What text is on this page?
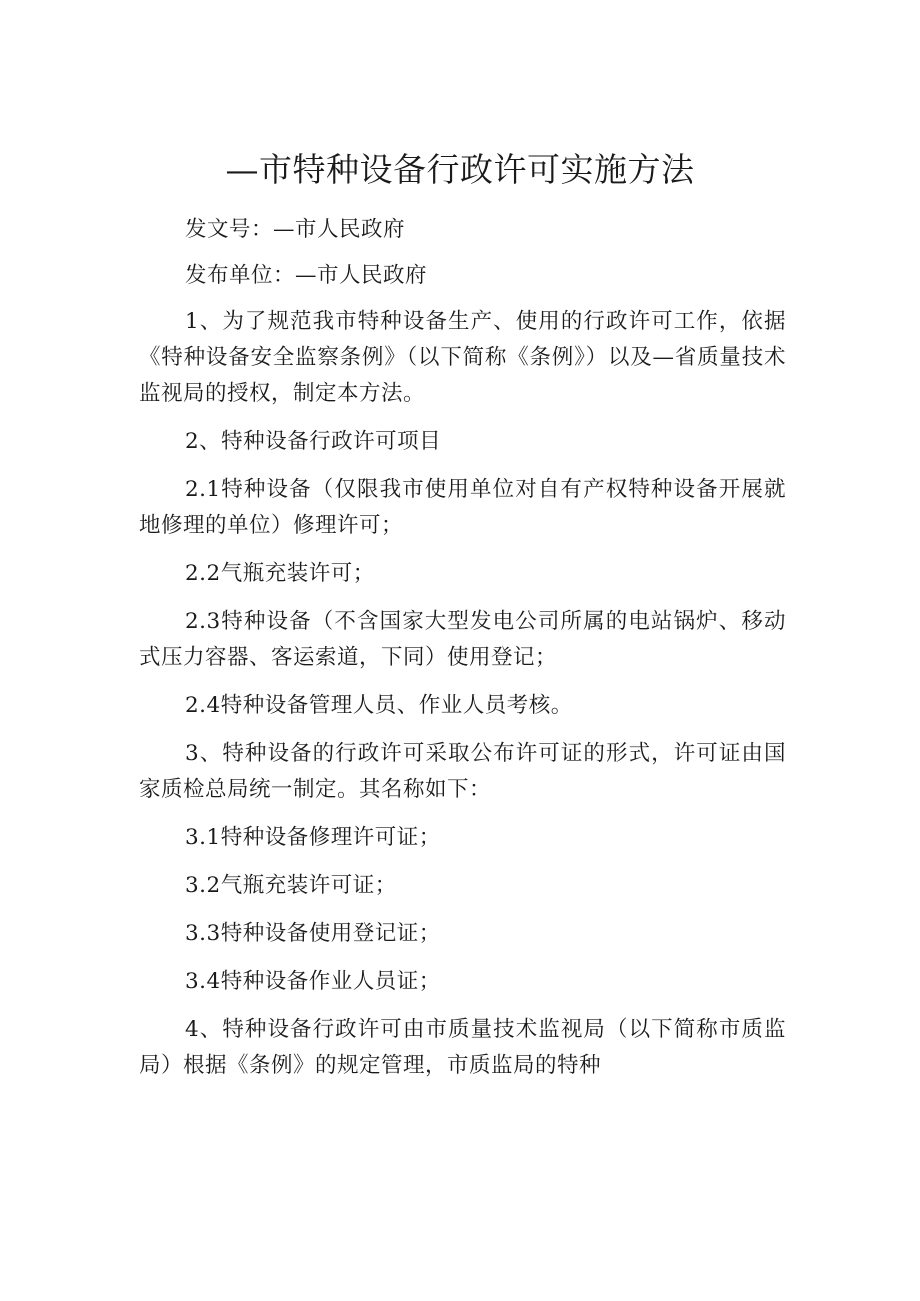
—市特种设备行政许可实施方法

发文号：—市人民政府

发布单位：—市人民政府

1、为了规范我市特种设备生产、使用的行政许可工作，依据《特种设备安全监察条例》（以下简称《条例》）以及—省质量技术监视局的授权，制定本方法。

2、特种设备行政许可项目

2.1特种设备（仅限我市使用单位对自有产权特种设备开展就地修理的单位）修理许可；

2.2气瓶充装许可；

2.3特种设备（不含国家大型发电公司所属的电站锅炉、移动式压力容器、客运索道，下同）使用登记；

2.4特种设备管理人员、作业人员考核。

3、特种设备的行政许可采取公布许可证的形式，许可证由国家质检总局统一制定。其名称如下：

3.1特种设备修理许可证；

3.2气瓶充装许可证；

3.3特种设备使用登记证；

3.4特种设备作业人员证；

4、特种设备行政许可由市质量技术监视局（以下简称市质监局）根据《条例》的规定管理，市质监局的特种
